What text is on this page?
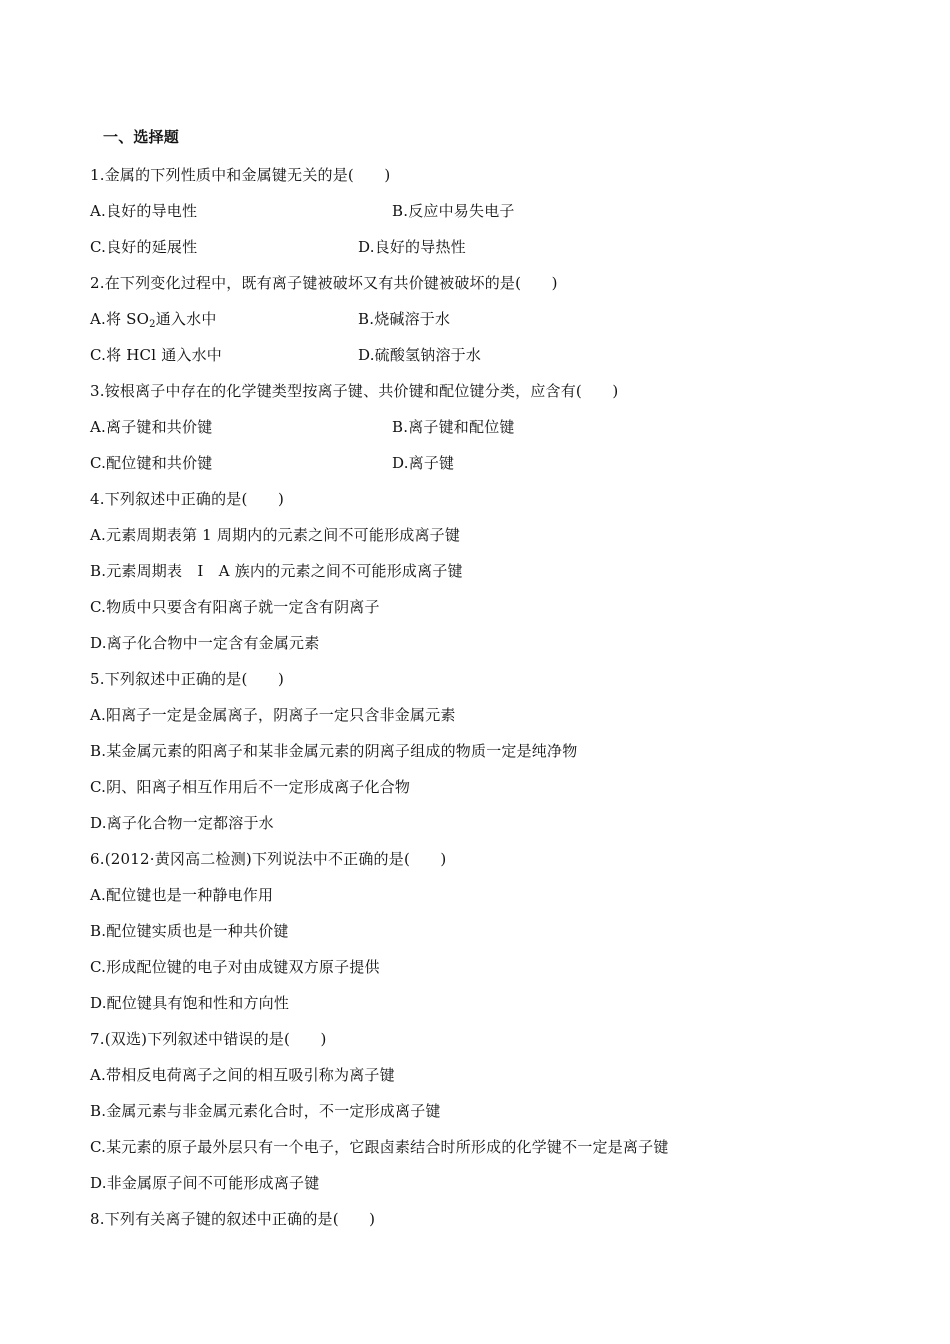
一、选择题
1.金属的下列性质中和金属键无关的是(　　)
A.良好的导电性	B.反应中易失电子
C.良好的延展性	D.良好的导热性
2.在下列变化过程中，既有离子键被破坏又有共价键被破坏的是(　　)
A.将 $SO_2$通入水中	B.烧碱溶于水
C.将 HCl 通入水中	D.硫酸氢钠溶于水
3.铵根离子中存在的化学键类型按离子键、共价键和配位键分类，应含有(　　)
A.离子键和共价键	B.离子键和配位键
C.配位键和共价键	D.离子键
4.下列叙述中正确的是(　　)
A.元素周期表第 1 周期内的元素之间不可能形成离子键
B.元素周期表　Ⅰ　A 族内的元素之间不可能形成离子键
C.物质中只要含有阳离子就一定含有阴离子
D.离子化合物中一定含有金属元素
5.下列叙述中正确的是(　　)
A.阳离子一定是金属离子，阴离子一定只含非金属元素
B.某金属元素的阳离子和某非金属元素的阴离子组成的物质一定是纯净物
C.阴、阳离子相互作用后不一定形成离子化合物
D.离子化合物一定都溶于水
6.(2012·黄冈高二检测)下列说法中不正确的是(　　)
A.配位键也是一种静电作用
B.配位键实质也是一种共价键
C.形成配位键的电子对由成键双方原子提供
D.配位键具有饱和性和方向性
7.(双选)下列叙述中错误的是(　　)
A.带相反电荷离子之间的相互吸引称为离子键
B.金属元素与非金属元素化合时，不一定形成离子键
C.某元素的原子最外层只有一个电子，它跟卤素结合时所形成的化学键不一定是离子键
D.非金属原子间不可能形成离子键
8.下列有关离子键的叙述中正确的是(　　)
